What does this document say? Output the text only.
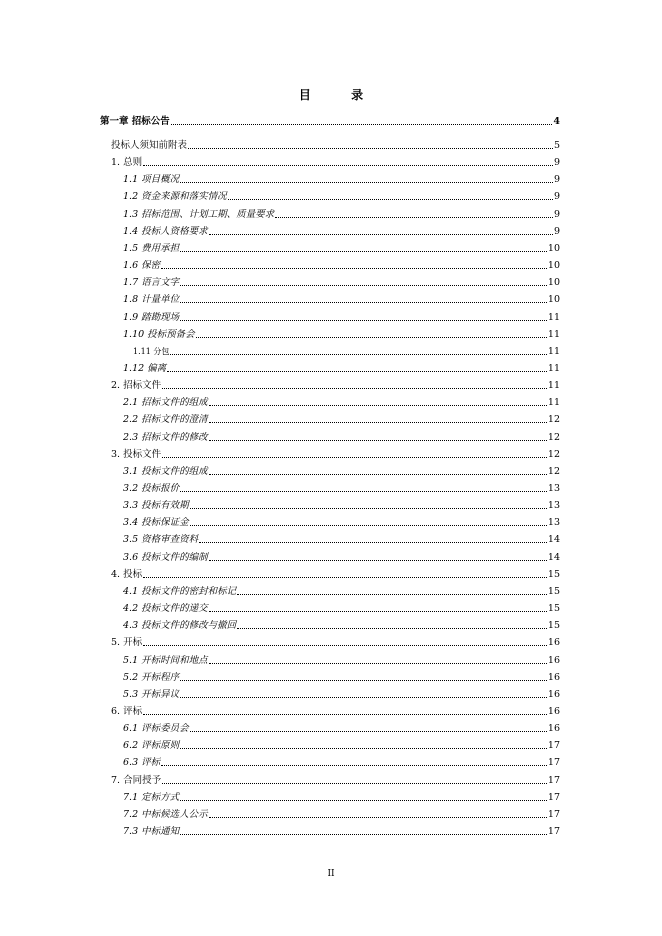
目 录
第一章 招标公告	4
投标人须知前附表	5
1. 总则	9
1.1 项目概况	9
1.2 资金来源和落实情况	9
1.3 招标范围、计划工期、质量要求	9
1.4 投标人资格要求	9
1.5 费用承担	10
1.6 保密	10
1.7 语言文字	10
1.8 计量单位	10
1.9 踏勘现场	11
1.10 投标预备会	11
1.11 分包	11
1.12 偏离	11
2. 招标文件	11
2.1 招标文件的组成	11
2.2 招标文件的澄清	12
2.3 招标文件的修改	12
3. 投标文件	12
3.1 投标文件的组成	12
3.2 投标报价	13
3.3 投标有效期	13
3.4 投标保证金	13
3.5 资格审查资料	14
3.6 投标文件的编制	14
4. 投标	15
4.1 投标文件的密封和标记	15
4.2 投标文件的递交	15
4.3 投标文件的修改与撤回	15
5. 开标	16
5.1 开标时间和地点	16
5.2 开标程序	16
5.3 开标异议	16
6. 评标	16
6.1 评标委员会	16
6.2 评标原则	17
6.3 评标	17
7. 合同授予	17
7.1 定标方式	17
7.2 中标候选人公示	17
7.3 中标通知	17
II
